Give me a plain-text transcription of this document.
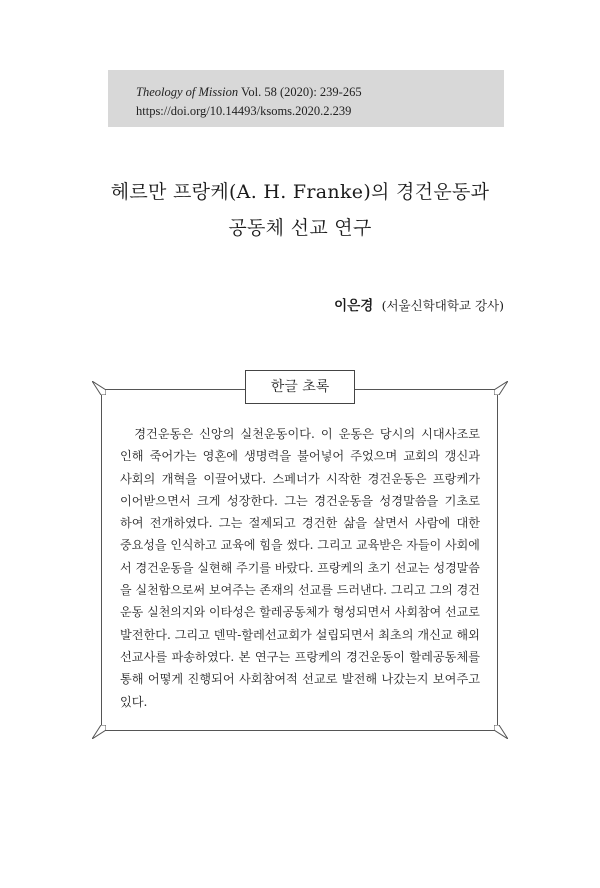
Theology of Mission Vol. 58 (2020): 239-265
https://doi.org/10.14493/ksoms.2020.2.239
헤르만 프랑케(A. H. Franke)의 경건운동과
공동체 선교 연구
이은경 (서울신학대학교 강사)
한글 초록
　경건운동은 신앙의 실천운동이다. 이 운동은 당시의 시대사조로
인해 죽어가는 영혼에 생명력을 불어넣어 주었으며 교회의 갱신과
사회의 개혁을 이끌어냈다. 스페너가 시작한 경건운동은 프랑케가
이어받으면서 크게 성장한다. 그는 경건운동을 성경말씀을 기초로
하여 전개하였다. 그는 절제되고 경건한 삶을 살면서 사람에 대한
중요성을 인식하고 교육에 힘을 썼다. 그리고 교육받은 자들이 사회에
서 경건운동을 실현해 주기를 바랐다. 프랑케의 초기 선교는 성경말씀
을 실천함으로써 보여주는 존재의 선교를 드러낸다. 그리고 그의 경건
운동 실천의지와 이타성은 할레공동체가 형성되면서 사회참여 선교로
발전한다. 그리고 덴막-할레선교회가 설립되면서 최초의 개신교 해외
선교사를 파송하였다. 본 연구는 프랑케의 경건운동이 할레공동체를
통해 어떻게 진행되어 사회참여적 선교로 발전해 나갔는지 보여주고
있다.
